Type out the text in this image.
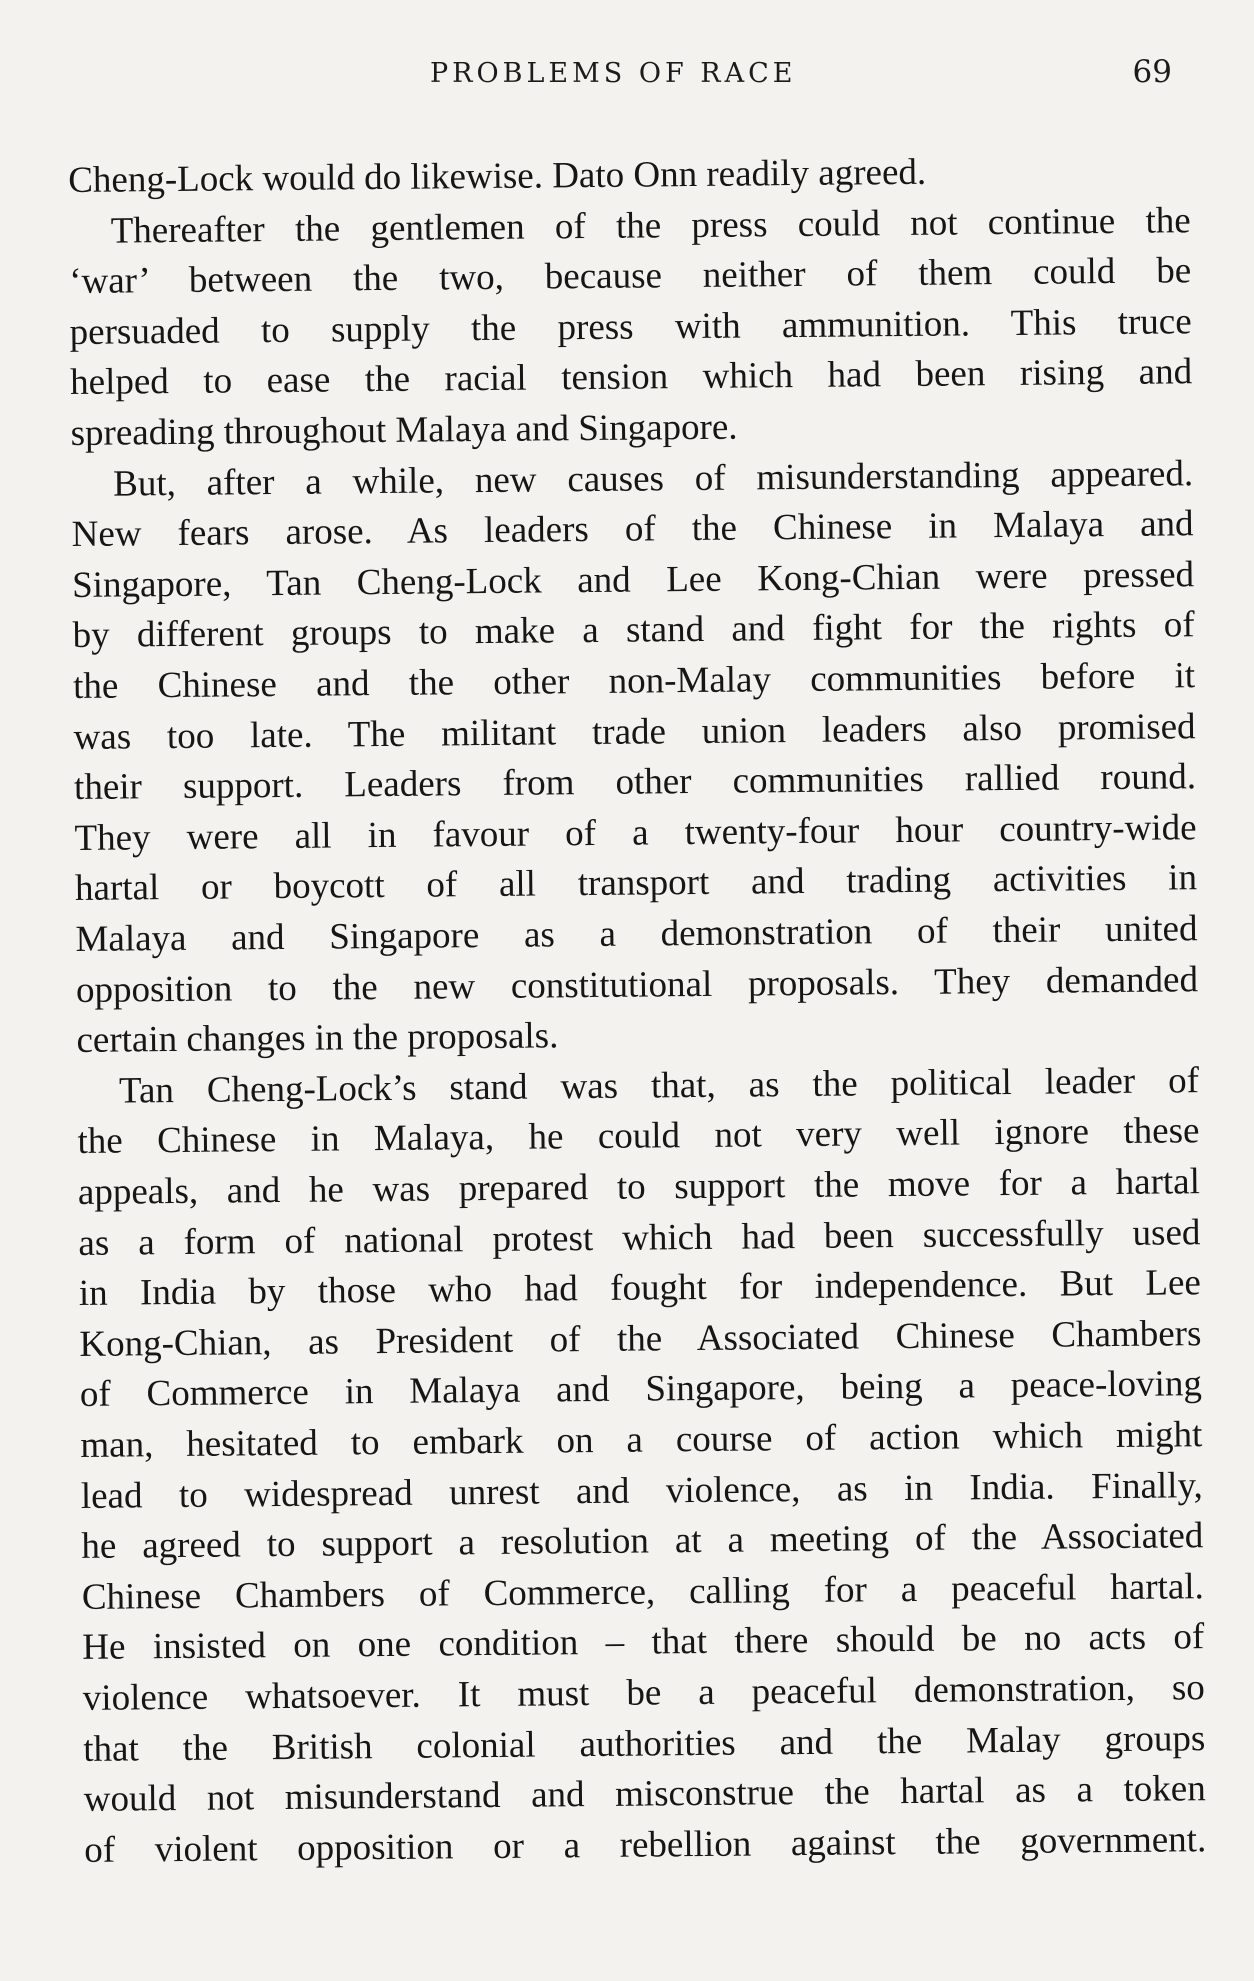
PROBLEMS OF RACE	69
Cheng-Lock would do likewise. Dato Onn readily agreed.
Thereafter the gentlemen of the press could not continue the
‘war’ between the two, because neither of them could be
persuaded to supply the press with ammunition. This truce
helped to ease the racial tension which had been rising and
spreading throughout Malaya and Singapore.
But, after a while, new causes of misunderstanding appeared.
New fears arose. As leaders of the Chinese in Malaya and
Singapore, Tan Cheng-Lock and Lee Kong-Chian were pressed
by different groups to make a stand and fight for the rights of
the Chinese and the other non-Malay communities before it
was too late. The militant trade union leaders also promised
their support. Leaders from other communities rallied round.
They were all in favour of a twenty-four hour country-wide
hartal or boycott of all transport and trading activities in
Malaya and Singapore as a demonstration of their united
opposition to the new constitutional proposals. They demanded
certain changes in the proposals.
Tan Cheng-Lock’s stand was that, as the political leader of
the Chinese in Malaya, he could not very well ignore these
appeals, and he was prepared to support the move for a hartal
as a form of national protest which had been successfully used
in India by those who had fought for independence. But Lee
Kong-Chian, as President of the Associated Chinese Chambers
of Commerce in Malaya and Singapore, being a peace-loving
man, hesitated to embark on a course of action which might
lead to widespread unrest and violence, as in India. Finally,
he agreed to support a resolution at a meeting of the Associated
Chinese Chambers of Commerce, calling for a peaceful hartal.
He insisted on one condition – that there should be no acts of
violence whatsoever. It must be a peaceful demonstration, so
that the British colonial authorities and the Malay groups
would not misunderstand and misconstrue the hartal as a token
of violent opposition or a rebellion against the government.
